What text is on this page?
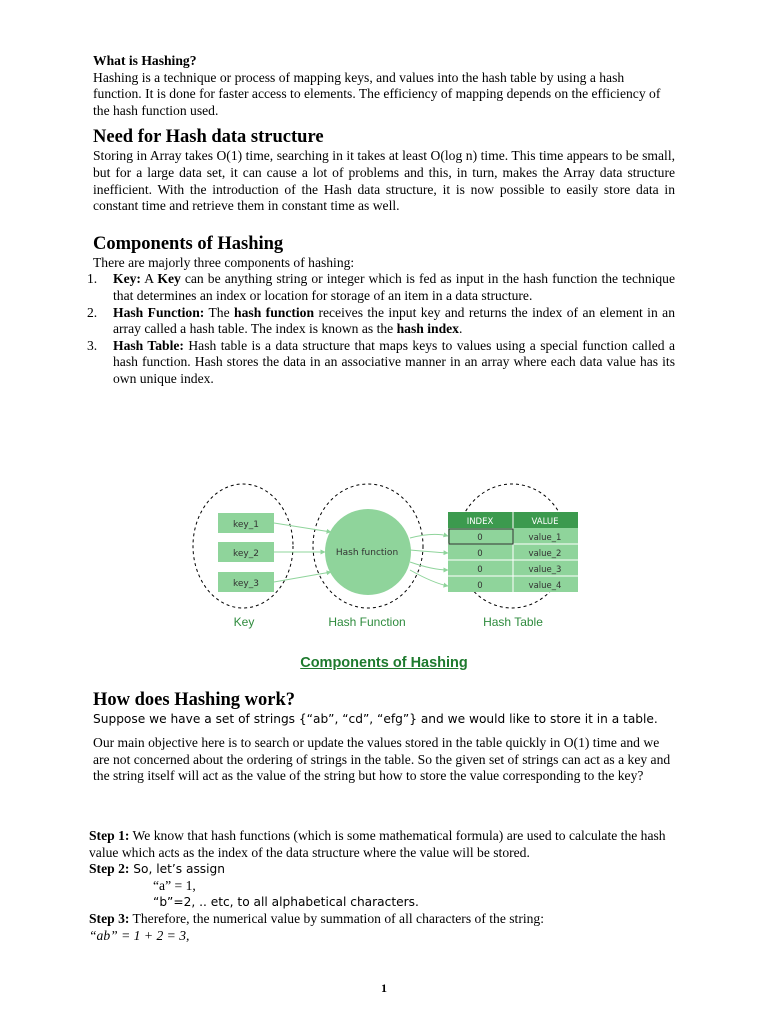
What is Hashing?

Hashing is a technique or process of mapping keys, and values into the hash table by using a hash function. It is done for faster access to elements. The efficiency of mapping depends on the efficiency of the hash function used.

Need for Hash data structure

Storing in Array takes O(1) time, searching in it takes at least O(log n) time. This time appears to be small, but for a large data set, it can cause a lot of problems and this, in turn, makes the Array data structure inefficient. With the introduction of the Hash data structure, it is now possible to easily store data in constant time and retrieve them in constant time as well.

Components of Hashing

There are majorly three components of hashing:

1. Key: A Key can be anything string or integer which is fed as input in the hash function the technique that determines an index or location for storage of an item in a data structure.
2. Hash Function: The hash function receives the input key and returns the index of an element in an array called a hash table. The index is known as the hash index.
3. Hash Table: Hash table is a data structure that maps keys to values using a special function called a hash function. Hash stores the data in an associative manner in an array where each data value has its own unique index.
key_1
key_2
key_3
Hash function
INDEX	VALUE
0	value_1
0	value_2
0	value_3
0	value_4
Key	Hash Function	Hash Table
Components of Hashing
How does Hashing work?

Suppose we have a set of strings {“ab”, “cd”, “efg”} and we would like to store it in a table.

Our main objective here is to search or update the values stored in the table quickly in O(1) time and we are not concerned about the ordering of strings in the table. So the given set of strings can act as a key and the string itself will act as the value of the string but how to store the value corresponding to the key?

Step 1: We know that hash functions (which is some mathematical formula) are used to calculate the hash value which acts as the index of the data structure where the value will be stored.

Step 2: So, let’s assign

“a” = 1,

“b”=2, .. etc, to all alphabetical characters.

Step 3: Therefore, the numerical value by summation of all characters of the string:

“ab” = 1 + 2 = 3,

1
